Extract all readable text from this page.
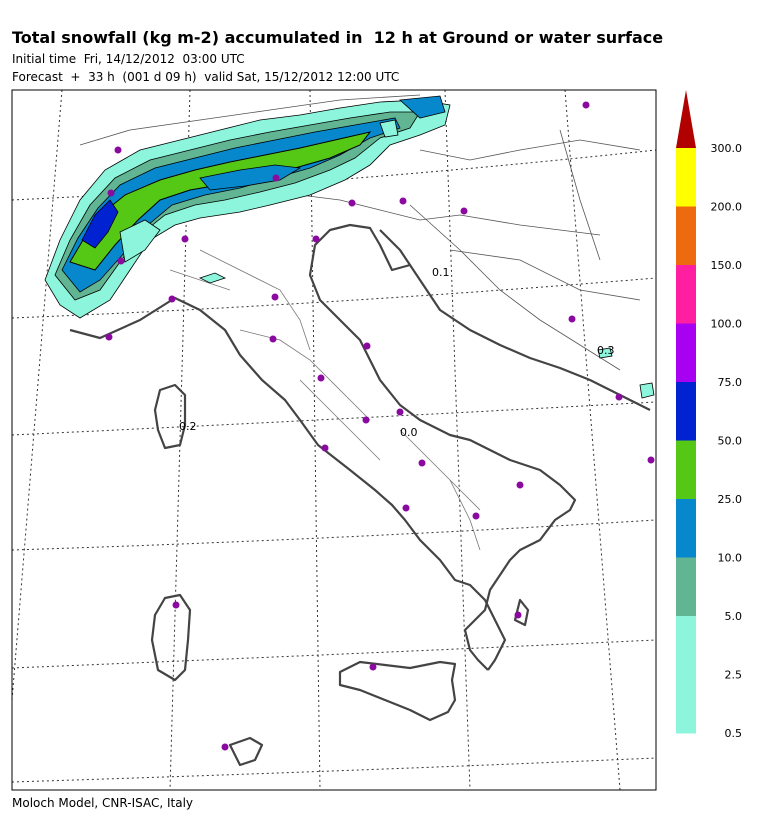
300.0
200.0
150.0
100.0
75.0
50.0
25.0
10.0
5.0
2.5
0.5
Total snowfall (kg m-2) accumulated in  12 h at Ground or water surface
Initial time  Fri, 14/12/2012  03:00 UTC
Forecast  +  33 h  (001 d 09 h)  valid Sat, 15/12/2012 12:00 UTC
0.1
0.2	0.0
0.3
Moloch Model, CNR-ISAC, Italy
